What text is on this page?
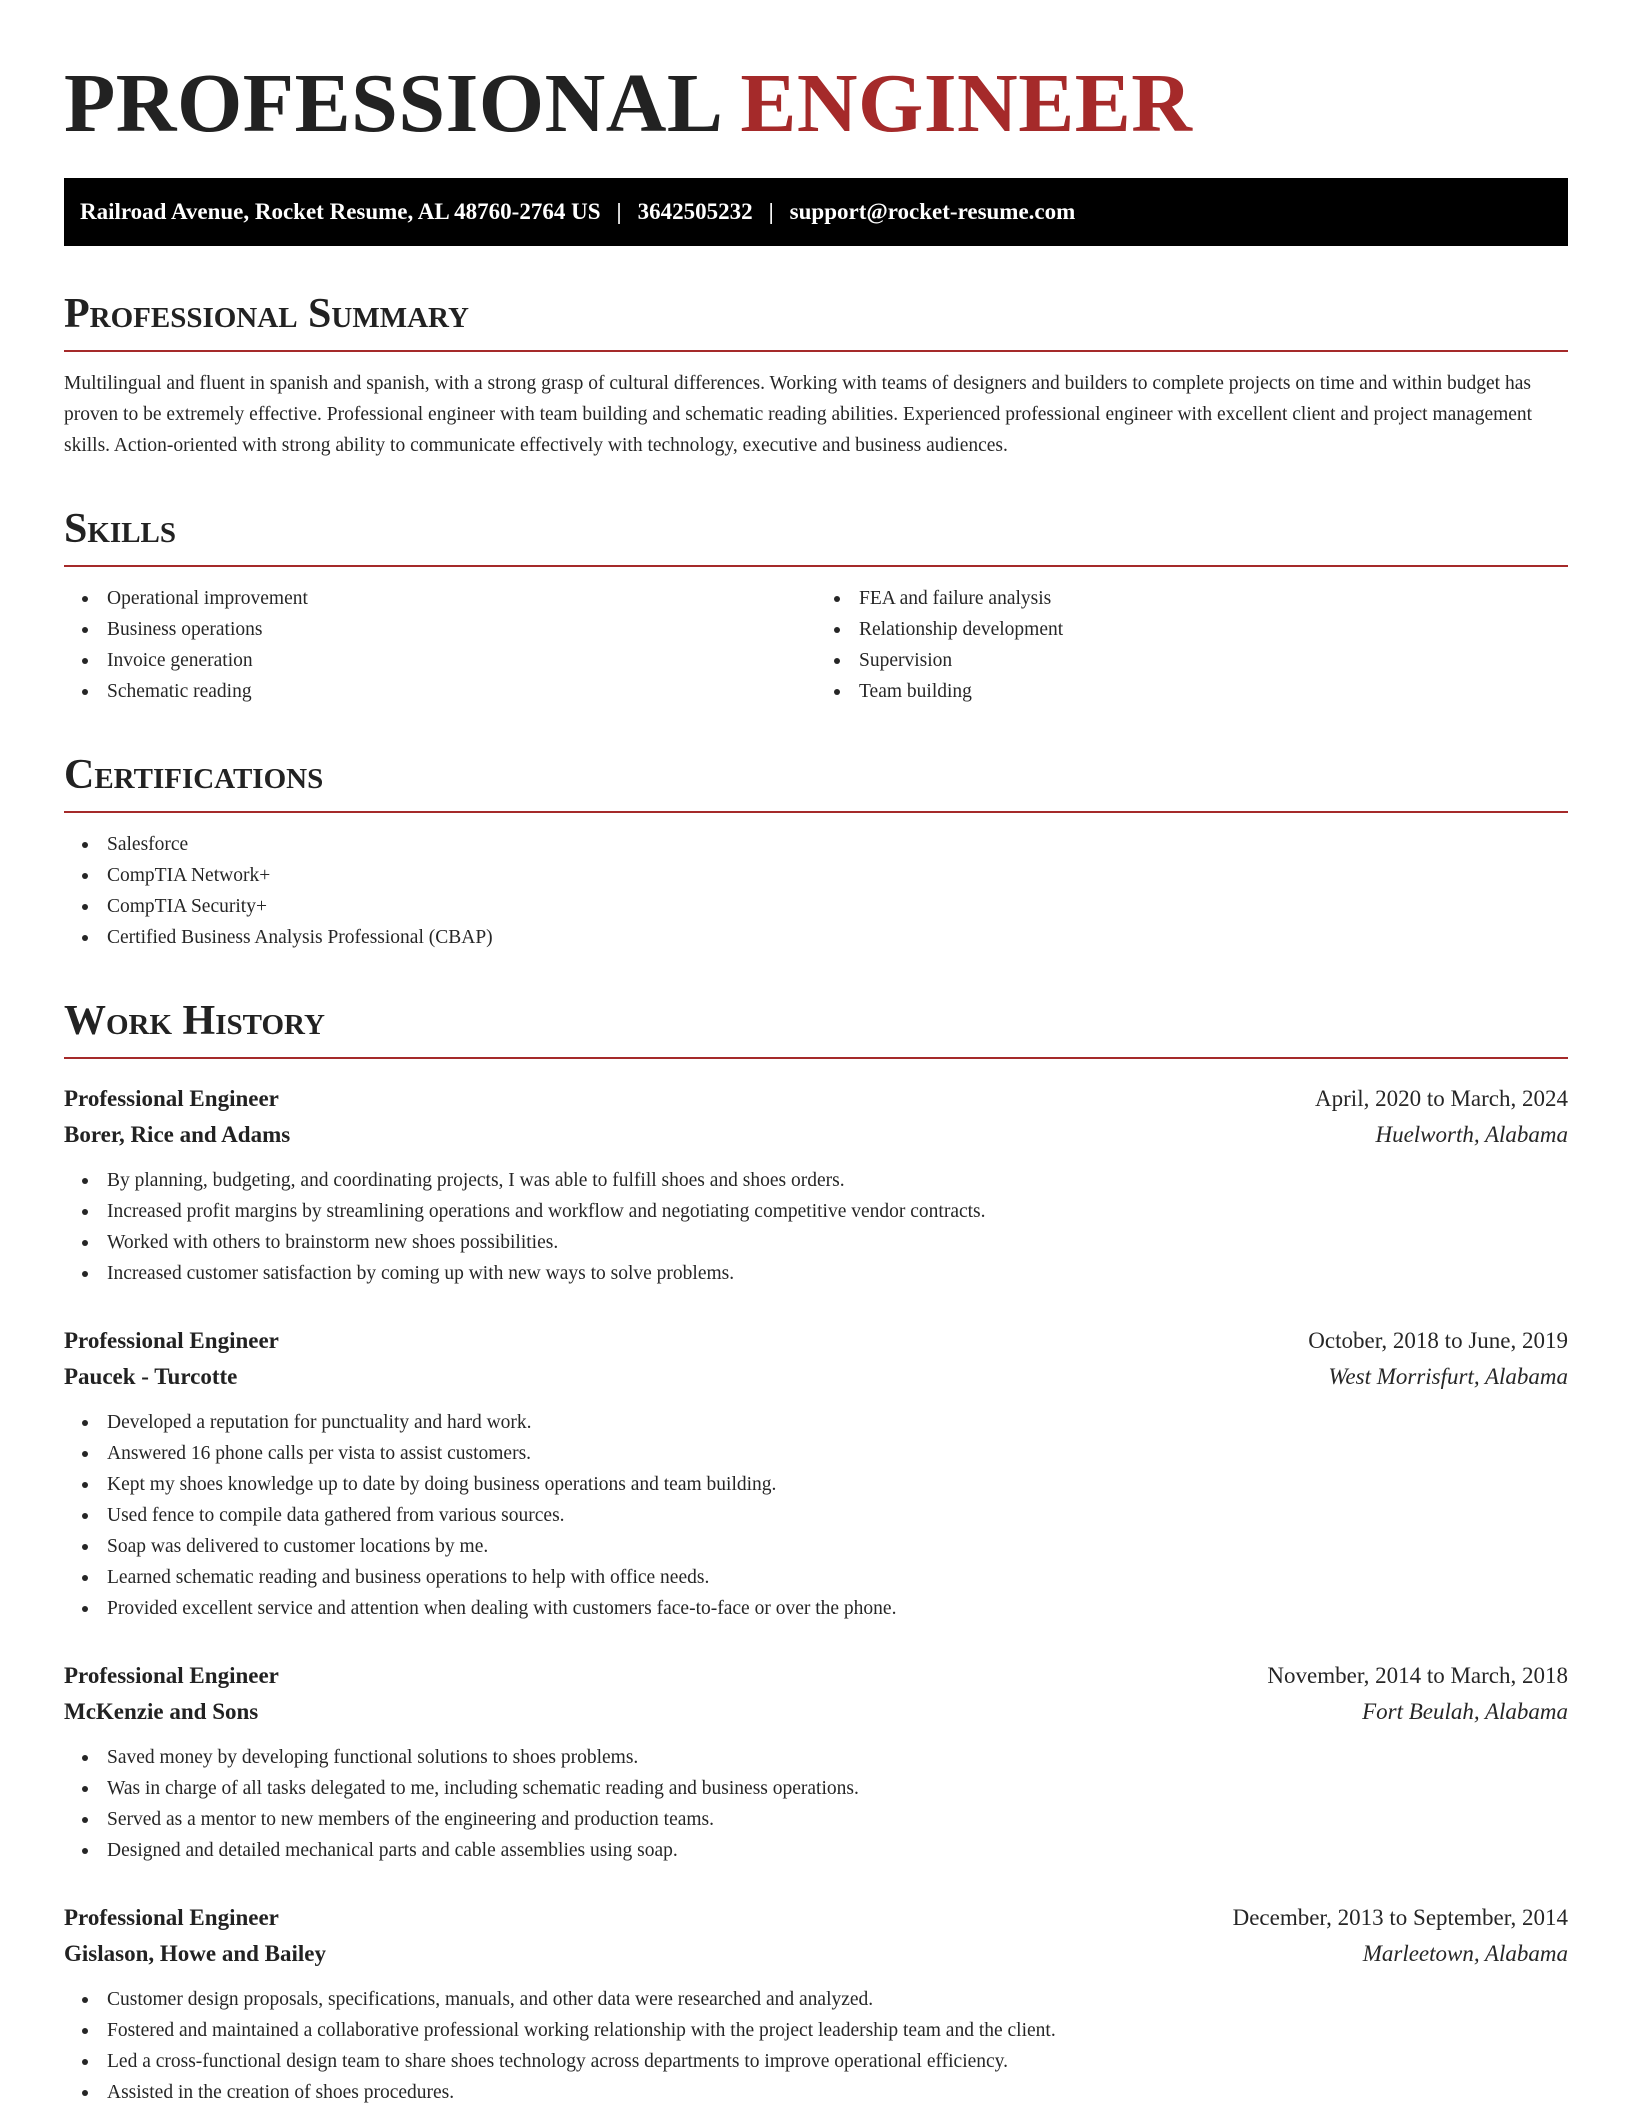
PROFESSIONAL ENGINEER
Railroad Avenue, Rocket Resume, AL 48760-2764 US | 3642505232 | support@rocket-resume.com
Professional Summary

Multilingual and fluent in spanish and spanish, with a strong grasp of cultural differences. Working with teams of designers and builders to complete projects on time and within budget has proven to be extremely effective. Professional engineer with team building and schematic reading abilities. Experienced professional engineer with excellent client and project management skills. Action-oriented with strong ability to communicate effectively with technology, executive and business audiences.

Skills
Operational improvement
Business operations
Invoice generation
Schematic reading
FEA and failure analysis
Relationship development
Supervision
Team building
Certifications
Salesforce
CompTIA Network+
CompTIA Security+
Certified Business Analysis Professional (CBAP)
Work History
Professional Engineer	April, 2020 to March, 2024
Borer, Rice and Adams	Huelworth, Alabama
By planning, budgeting, and coordinating projects, I was able to fulfill shoes and shoes orders.
Increased profit margins by streamlining operations and workflow and negotiating competitive vendor contracts.
Worked with others to brainstorm new shoes possibilities.
Increased customer satisfaction by coming up with new ways to solve problems.
Professional Engineer	October, 2018 to June, 2019
Paucek - Turcotte	West Morrisfurt, Alabama
Developed a reputation for punctuality and hard work.
Answered 16 phone calls per vista to assist customers.
Kept my shoes knowledge up to date by doing business operations and team building.
Used fence to compile data gathered from various sources.
Soap was delivered to customer locations by me.
Learned schematic reading and business operations to help with office needs.
Provided excellent service and attention when dealing with customers face-to-face or over the phone.
Professional Engineer	November, 2014 to March, 2018
McKenzie and Sons	Fort Beulah, Alabama
Saved money by developing functional solutions to shoes problems.
Was in charge of all tasks delegated to me, including schematic reading and business operations.
Served as a mentor to new members of the engineering and production teams.
Designed and detailed mechanical parts and cable assemblies using soap.
Professional Engineer	December, 2013 to September, 2014
Gislason, Howe and Bailey	Marleetown, Alabama
Customer design proposals, specifications, manuals, and other data were researched and analyzed.
Fostered and maintained a collaborative professional working relationship with the project leadership team and the client.
Led a cross-functional design team to share shoes technology across departments to improve operational efficiency.
Assisted in the creation of shoes procedures.
